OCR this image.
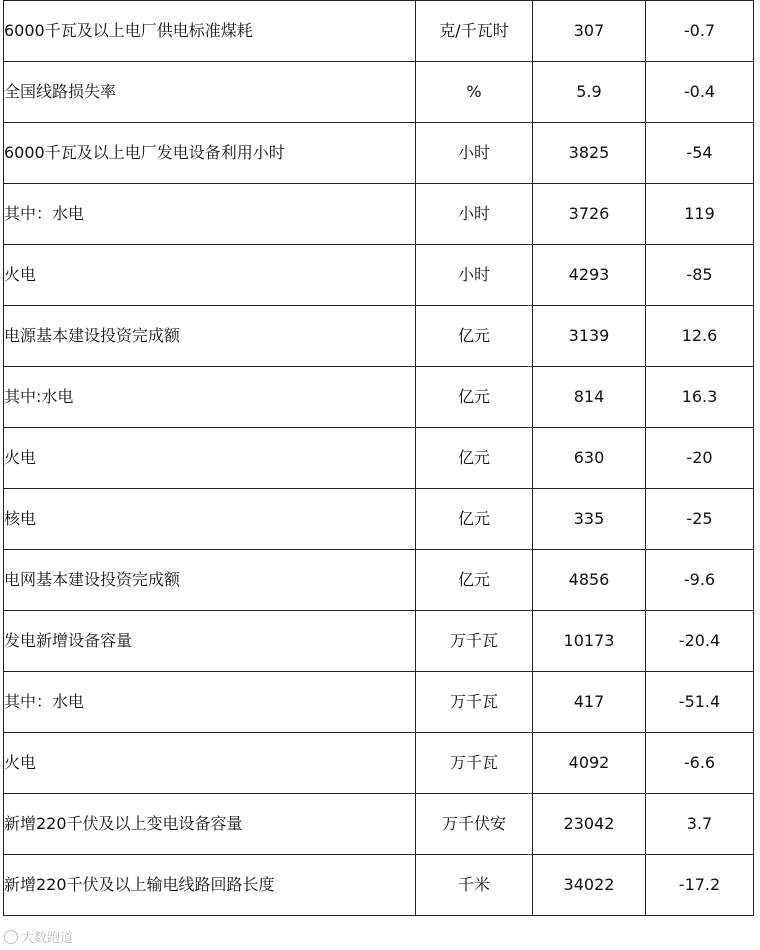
6000千瓦及以上电厂供电标准煤耗	克/千瓦时	307	-0.7
全国线路损失率	%	5.9	-0.4
6000千瓦及以上电厂发电设备利用小时	小时	3825	-54
其中：水电	小时	3726	119
火电	小时	4293	-85
电源基本建设投资完成额	亿元	3139	12.6
其中:水电	亿元	814	16.3
火电	亿元	630	-20
核电	亿元	335	-25
电网基本建设投资完成额	亿元	4856	-9.6
发电新增设备容量	万千瓦	10173	-20.4
其中：水电	万千瓦	417	-51.4
火电	万千瓦	4092	-6.6
新增220千伏及以上变电设备容量	万千伏安	23042	3.7
新增220千伏及以上输电线路回路长度	千米	34022	-17.2
大数跑道
